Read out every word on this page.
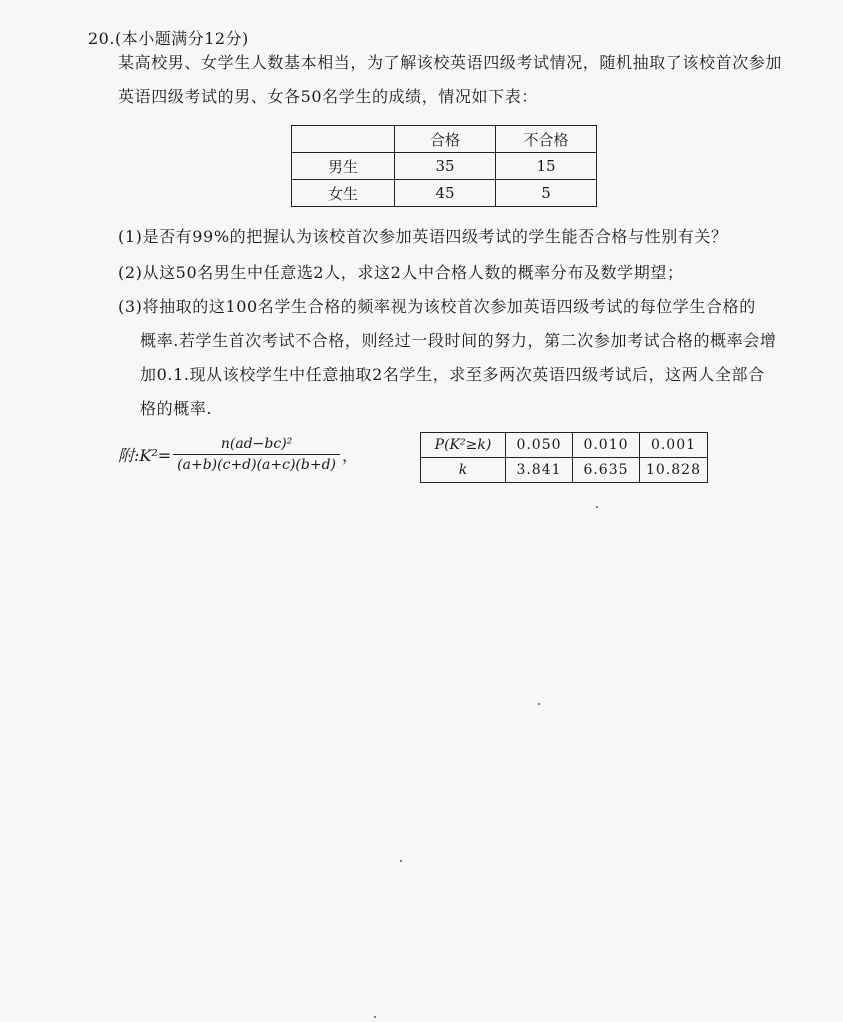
20.(本小题满分12分)
某高校男、女学生人数基本相当，为了解该校英语四级考试情况，随机抽取了该校首次参加
英语四级考试的男、女各50名学生的成绩，情况如下表：
	合格	不合格
男生	35	15
女生	45	5
(1)是否有99%的把握认为该校首次参加英语四级考试的学生能否合格与性别有关？
(2)从这50名男生中任意选2人，求这2人中合格人数的概率分布及数学期望；
(3)将抽取的这100名学生合格的频率视为该校首次参加英语四级考试的每位学生合格的
概率.若学生首次考试不合格，则经过一段时间的努力，第二次参加考试合格的概率会增
加0.1.现从该校学生中任意抽取2名学生，求至多两次英语四级考试后，这两人全部合
格的概率.
附:K²= $\frac{\text{n(ad−bc)²}}{(a+b)(c+d)(a+c)(b+d)}$ ，
P(K²≥k)	0.050	0.010	0.001
k	3.841	6.635	10.828
